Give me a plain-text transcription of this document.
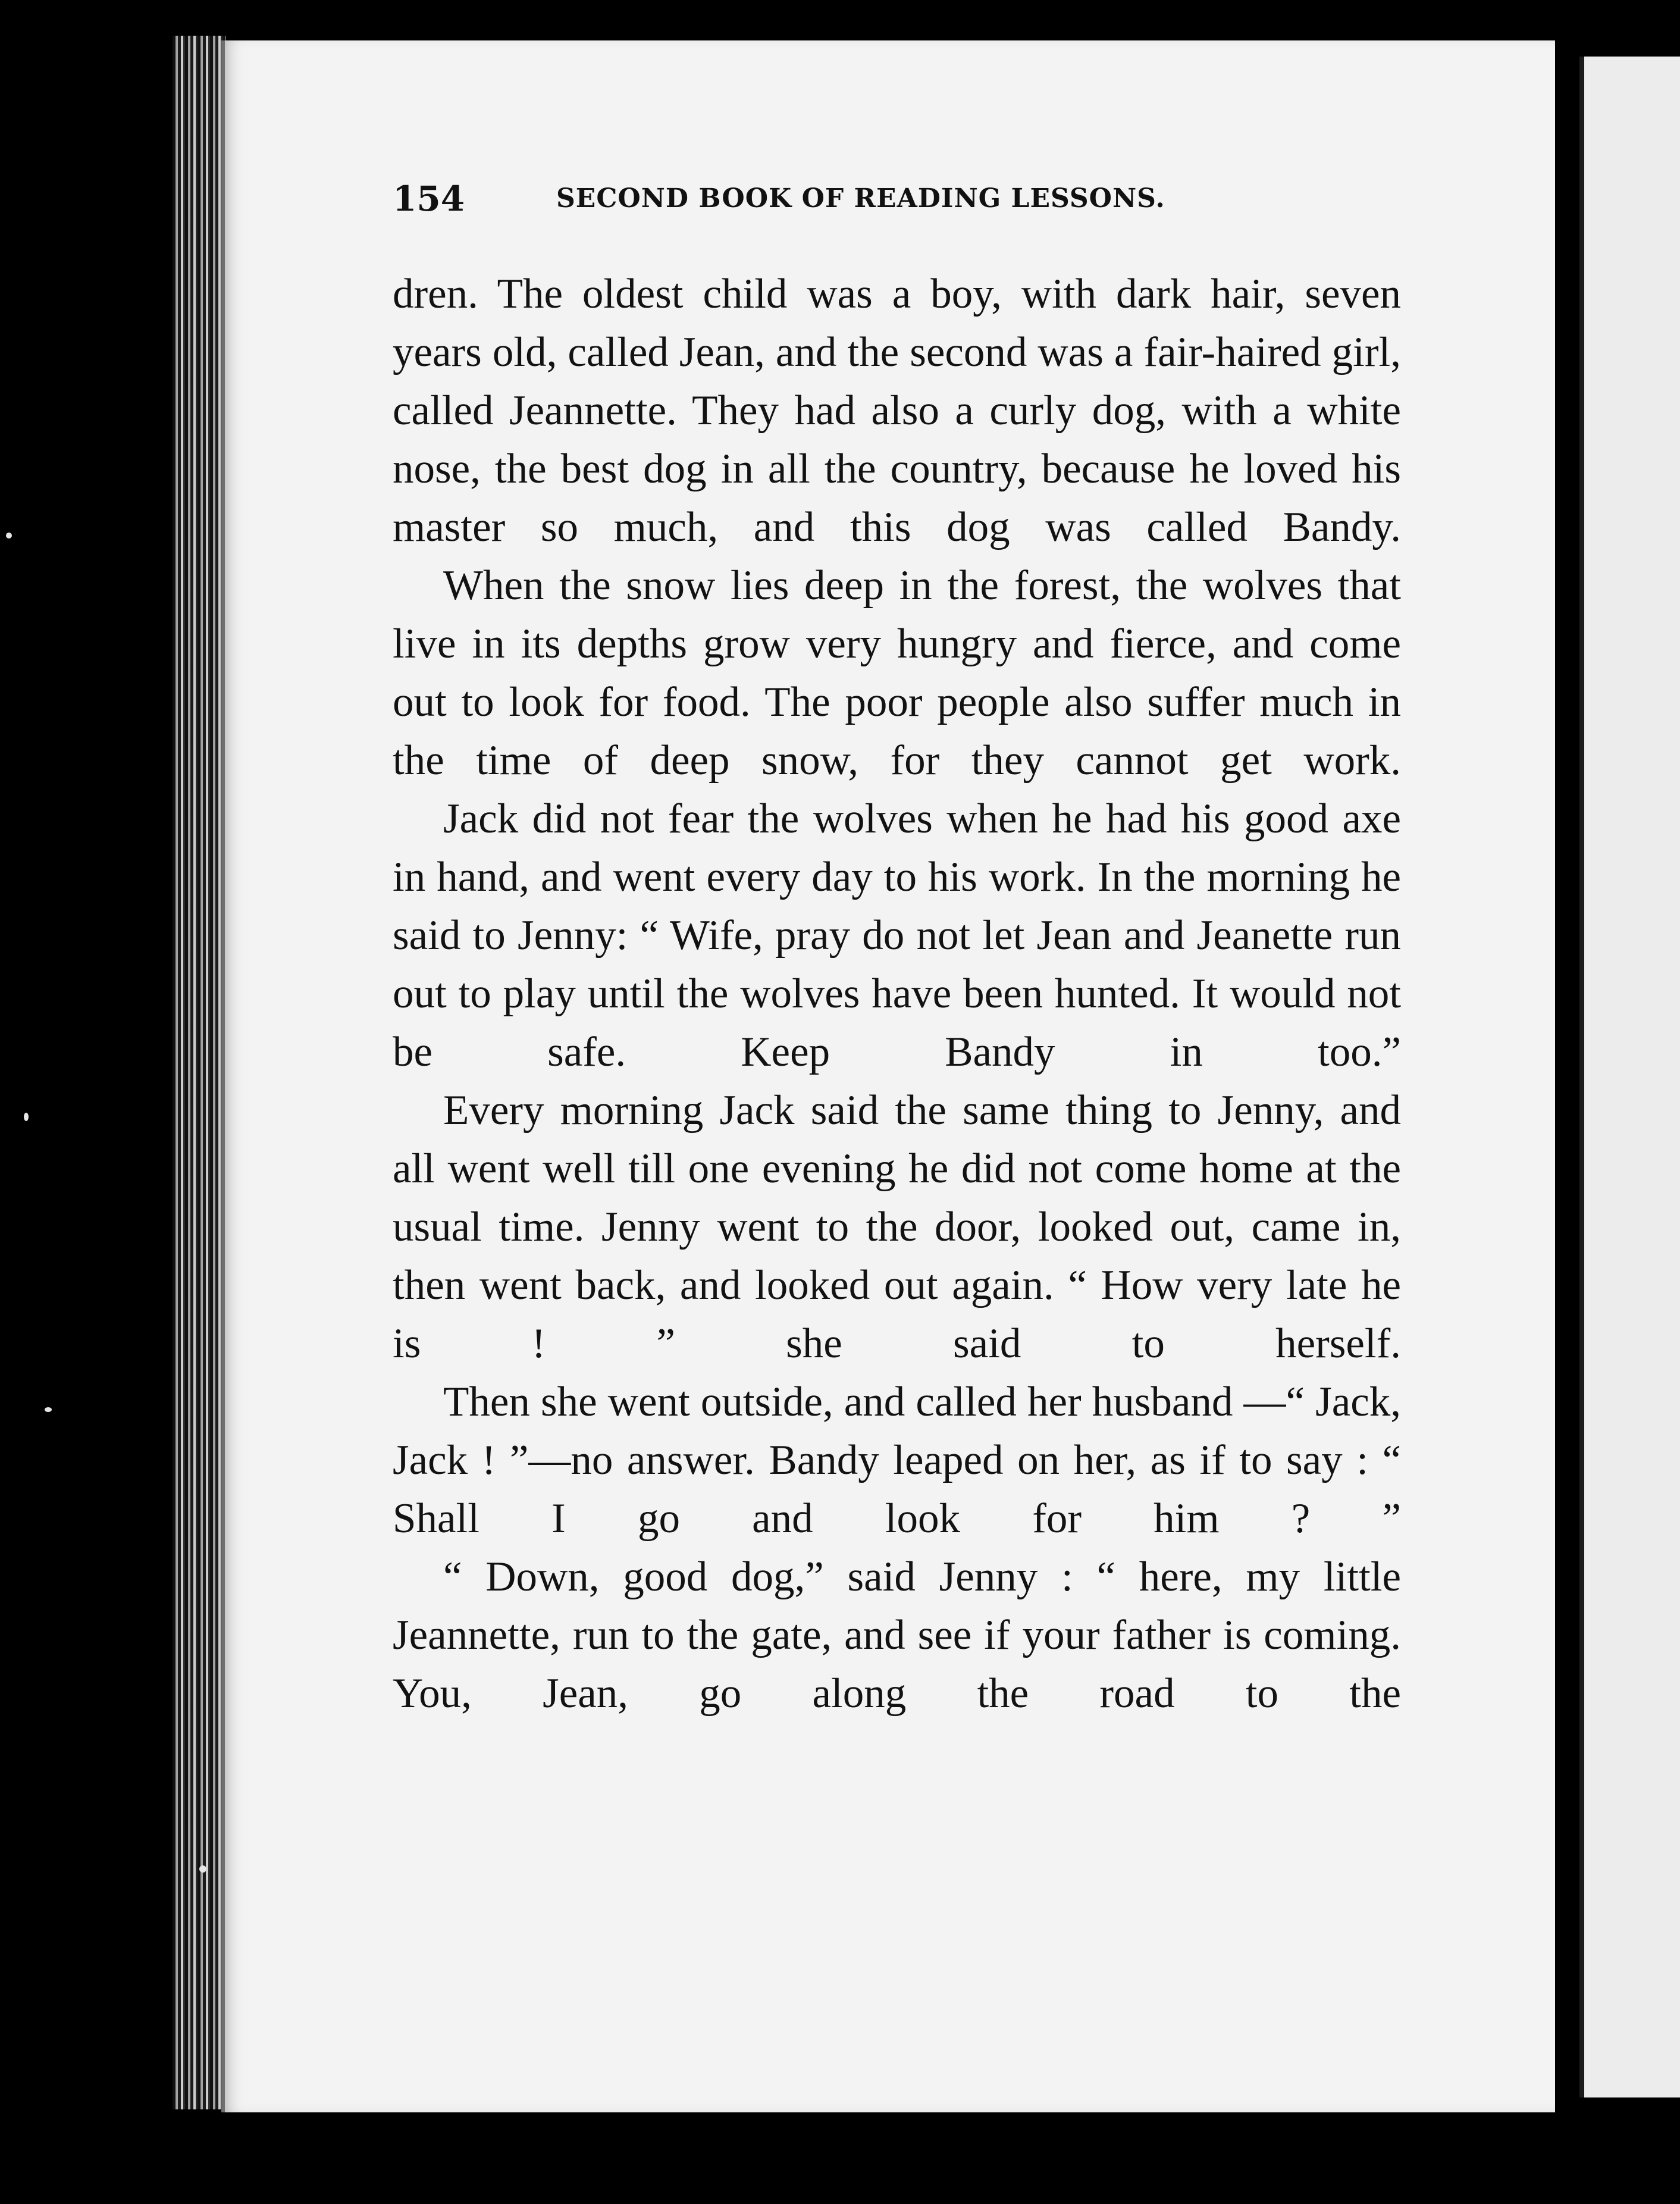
154	SECOND BOOK OF READING LESSONS.

dren. The oldest child was a boy, with dark hair, seven years old, called Jean, and the second was a fair-haired girl, called Jeannette. They had also a curly dog, with a white nose, the best dog in all the country, because he loved his master so much, and this dog was called Bandy.

When the snow lies deep in the forest, the wolves that live in its depths grow very hungry and fierce, and come out to look for food. The poor people also suffer much in the time of deep snow, for they cannot get work.

Jack did not fear the wolves when he had his good axe in hand, and went every day to his work. In the morning he said to Jenny: “ Wife, pray do not let Jean and Jeanette run out to play until the wolves have been hunted. It would not be safe. Keep Bandy in too.”

Every morning Jack said the same thing to Jenny, and all went well till one evening he did not come home at the usual time. Jenny went to the door, looked out, came in, then went back, and looked out again. “ How very late he is ! ” she said to herself.

Then she went outside, and called her husband —“ Jack, Jack ! ”—no answer. Bandy leaped on her, as if to say : “ Shall I go and look for him ? ”

“ Down, good dog,” said Jenny : “ here, my little Jeannette, run to the gate, and see if your father is coming. You, Jean, go along the road to the
